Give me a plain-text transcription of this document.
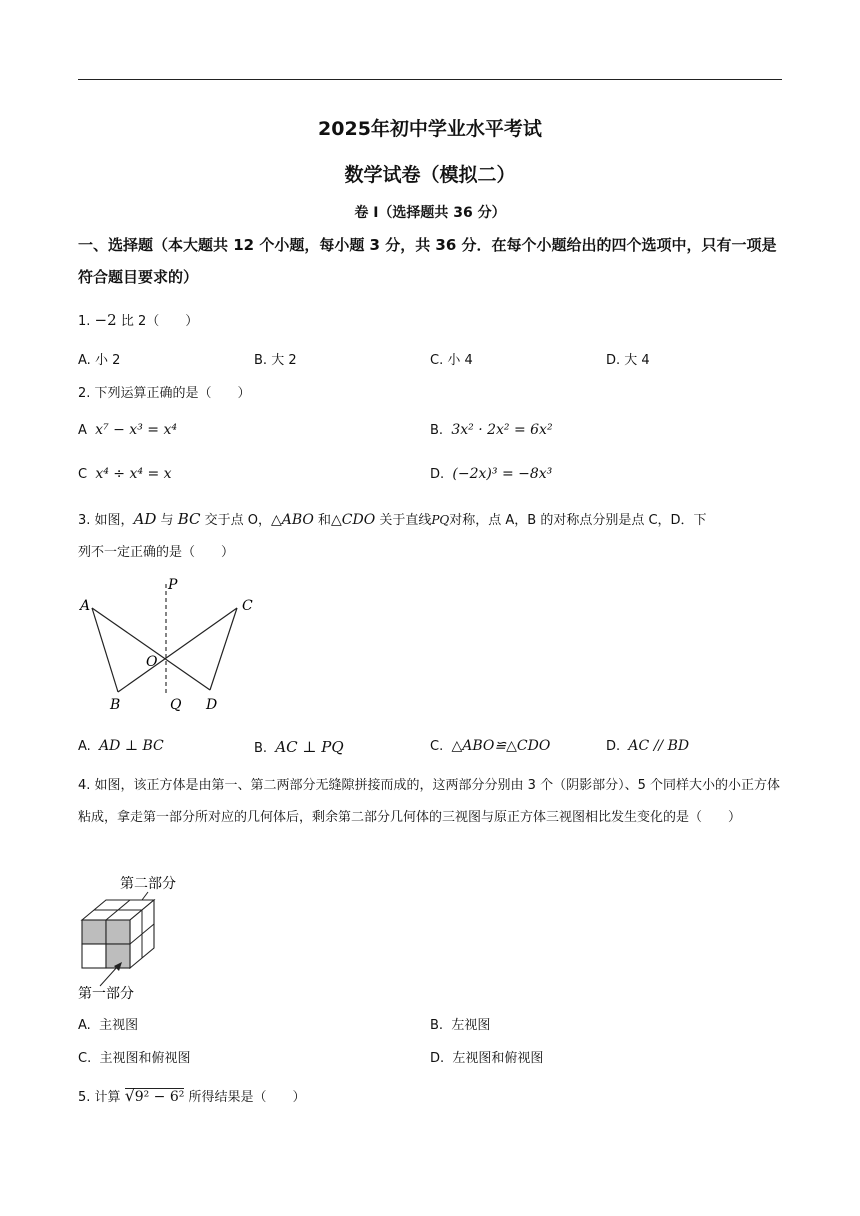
2025年初中学业水平考试
数学试卷（模拟二）
卷 I（选择题共 36 分）
一、选择题（本大题共 12 个小题，每小题 3 分，共 36 分．在每个小题给出的四个选项中，只有一项是符合题目要求的）
1. −2 比 2（　　）
A. 小 2	B. 大 2	C. 小 4	D. 大 4
2. 下列运算正确的是（　　）
A x⁷ − x³ = x⁴	B. 3x² · 2x² = 6x²
C x⁴ ÷ x⁴ = x	D. (−2x)³ = −8x³
3. 如图，AD 与 BC 交于点 O，△ABO 和△CDO 关于直线PQ对称，点 A，B 的对称点分别是点 C，D．下
列不一定正确的是（　　）
A
B
C
D
O
P
Q
A. AD ⊥ BC	B. AC ⊥ PQ	C. △ABO≌△CDO	D. AC // BD
4. 如图，该正方体是由第一、第二两部分无缝隙拼接而成的，这两部分分别由 3 个（阴影部分）、5 个同样大小的小正方体粘成，拿走第一部分所对应的几何体后，剩余第二部分几何体的三视图与原正方体三视图相比发生变化的是（　　）
第二部分
第一部分
A. 主视图	B. 左视图
C. 主视图和俯视图	D. 左视图和俯视图
5. 计算 √ 9² − 6² 所得结果是（　　）
